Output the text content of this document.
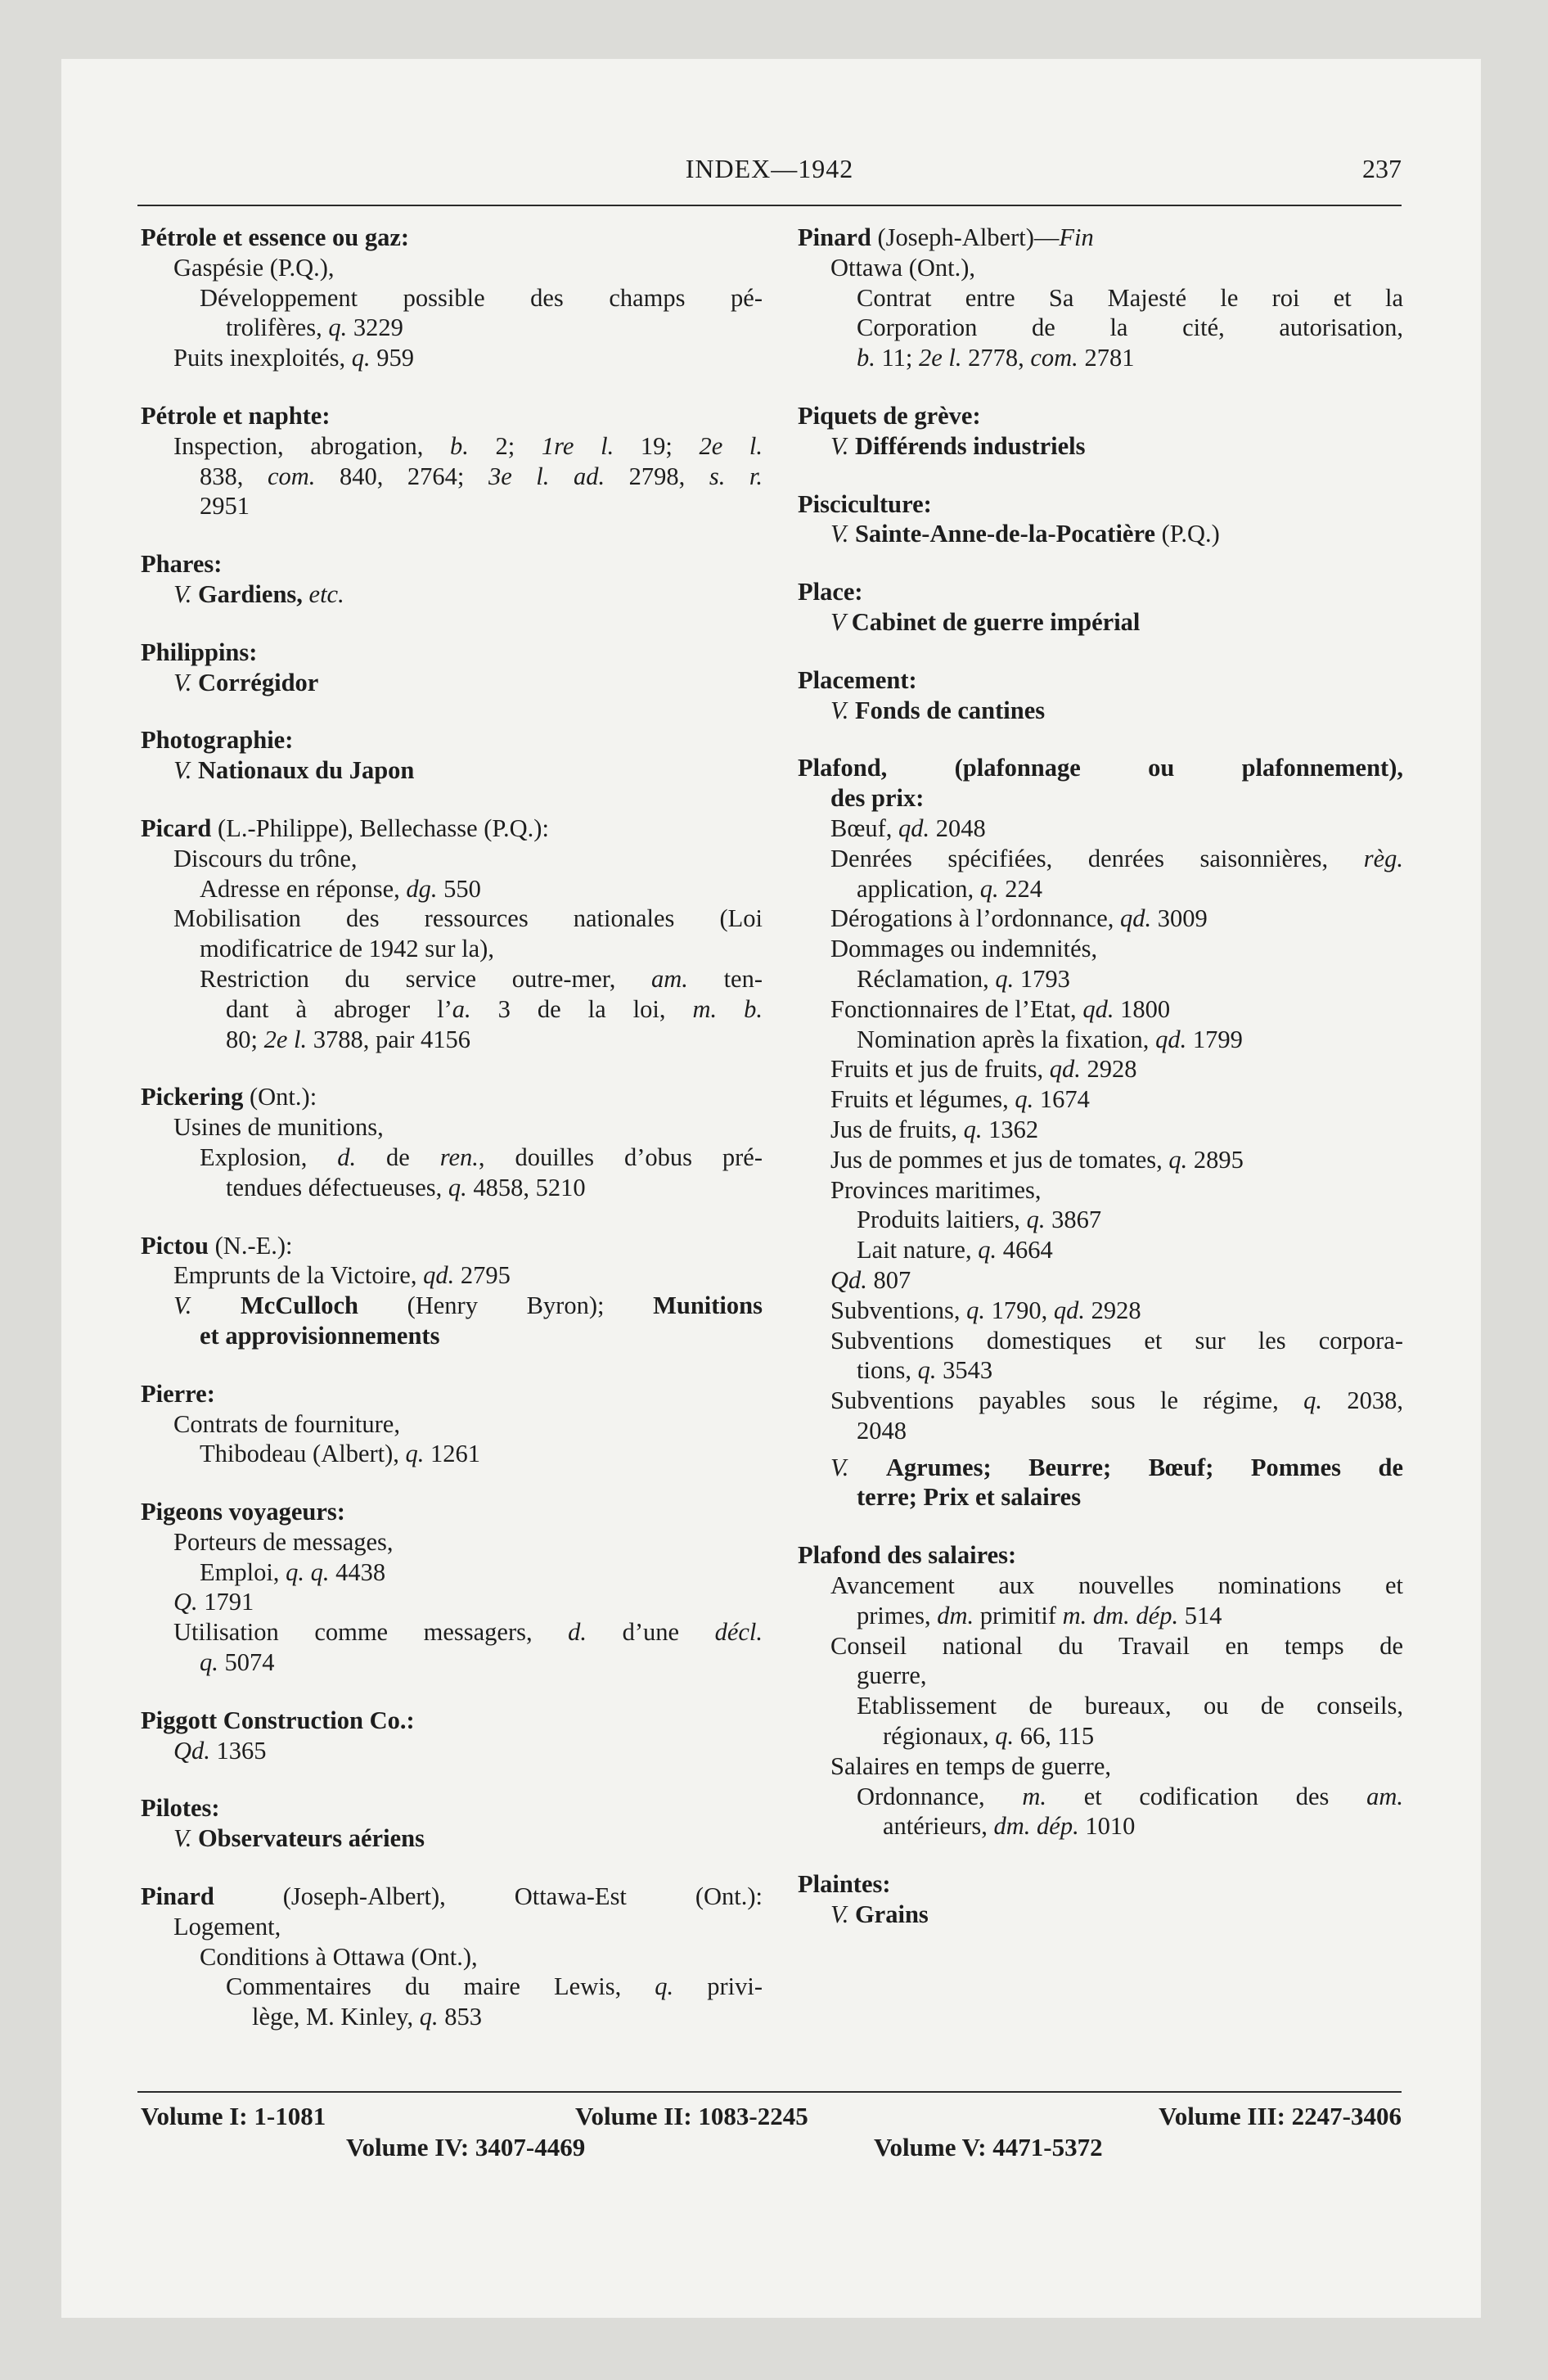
INDEX—1942	237
Pétrole et essence ou gaz:
Gaspésie (P.Q.),
Développement possible des champs pé-
trolifères, q. 3229
Puits inexploités, q. 959
Pétrole et naphte:
Inspection, abrogation, b. 2; 1re l. 19; 2e l.
838, com. 840, 2764; 3e l. ad. 2798, s. r.
2951
Phares:
V. Gardiens, etc.
Philippins:
V. Corrégidor
Photographie:
V. Nationaux du Japon
Picard (L.-Philippe), Bellechasse (P.Q.):
Discours du trône,
Adresse en réponse, dg. 550
Mobilisation des ressources nationales (Loi
modificatrice de 1942 sur la),
Restriction du service outre-mer, am. ten-
dant à abroger l’a. 3 de la loi, m. b.
80; 2e l. 3788, pair 4156
Pickering (Ont.):
Usines de munitions,
Explosion, d. de ren., douilles d’obus pré-
tendues défectueuses, q. 4858, 5210
Pictou (N.-E.):
Emprunts de la Victoire, qd. 2795
V. McCulloch (Henry Byron); Munitions
et approvisionnements
Pierre:
Contrats de fourniture,
Thibodeau (Albert), q. 1261
Pigeons voyageurs:
Porteurs de messages,
Emploi, q. q. 4438
Q. 1791
Utilisation comme messagers, d. d’une décl.
q. 5074
Piggott Construction Co.:
Qd. 1365
Pilotes:
V. Observateurs aériens
Pinard (Joseph-Albert), Ottawa-Est (Ont.):
Logement,
Conditions à Ottawa (Ont.),
Commentaires du maire Lewis, q. privi-
lège, M. Kinley, q. 853
Pinard (Joseph-Albert)—Fin
Ottawa (Ont.),
Contrat entre Sa Majesté le roi et la
Corporation de la cité, autorisation,
b. 11; 2e l. 2778, com. 2781
Piquets de grève:
V. Différends industriels
Pisciculture:
V. Sainte-Anne-de-la-Pocatière (P.Q.)
Place:
V Cabinet de guerre impérial
Placement:
V. Fonds de cantines
Plafond, (plafonnage ou plafonnement),
des prix:
Bœuf, qd. 2048
Denrées spécifiées, denrées saisonnières, règ.
application, q. 224
Dérogations à l’ordonnance, qd. 3009
Dommages ou indemnités,
Réclamation, q. 1793
Fonctionnaires de l’Etat, qd. 1800
Nomination après la fixation, qd. 1799
Fruits et jus de fruits, qd. 2928
Fruits et légumes, q. 1674
Jus de fruits, q. 1362
Jus de pommes et jus de tomates, q. 2895
Provinces maritimes,
Produits laitiers, q. 3867
Lait nature, q. 4664
Qd. 807
Subventions, q. 1790, qd. 2928
Subventions domestiques et sur les corpora-
tions, q. 3543
Subventions payables sous le régime, q. 2038,
2048
V. Agrumes; Beurre; Bœuf; Pommes de
terre; Prix et salaires
Plafond des salaires:
Avancement aux nouvelles nominations et
primes, dm. primitif m. dm. dép. 514
Conseil national du Travail en temps de
guerre,
Etablissement de bureaux, ou de conseils,
régionaux, q. 66, 115
Salaires en temps de guerre,
Ordonnance, m. et codification des am.
antérieurs, dm. dép. 1010
Plaintes:
V. Grains
Volume I: 1-1081	Volume II: 1083-2245	Volume III: 2247-3406
Volume IV: 3407-4469	Volume V: 4471-5372
